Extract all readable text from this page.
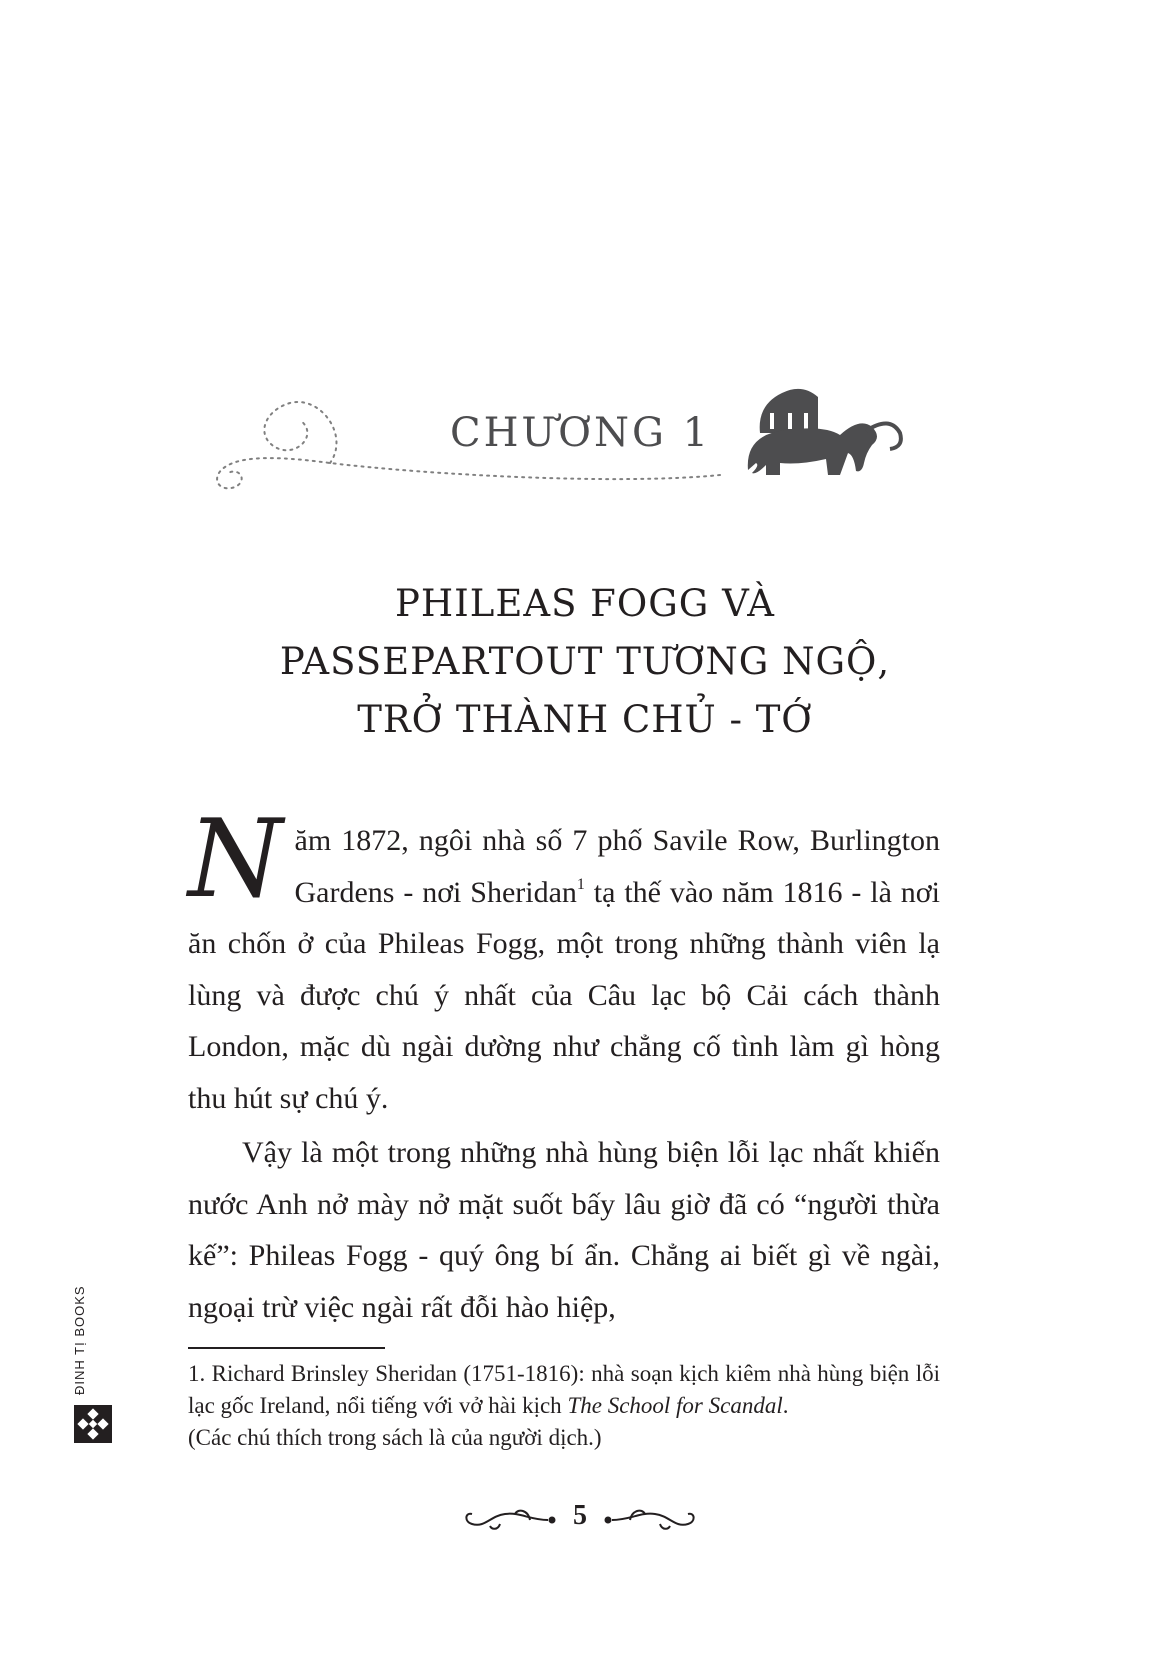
CHƯƠNG 1
PHILEAS FOGG VÀ
PASSEPARTOUT TƯƠNG NGỘ,
TRỞ THÀNH CHỦ - TỚ

Năm 1872, ngôi nhà số 7 phố Savile Row, Burlington Gardens - nơi Sheridan$^1$ tạ thế vào năm 1816 - là nơi ăn chốn ở của Phileas Fogg, một trong những thành viên lạ lùng và được chú ý nhất của Câu lạc bộ Cải cách thành London, mặc dù ngài dường như chẳng cố tình làm gì hòng thu hút sự chú ý.

Vậy là một trong những nhà hùng biện lỗi lạc nhất khiến nước Anh nở mày nở mặt suốt bấy lâu giờ đã có “người thừa kế”: Phileas Fogg - quý ông bí ẩn. Chẳng ai biết gì về ngài, ngoại trừ việc ngài rất đỗi hào hiệp,

1. Richard Brinsley Sheridan (1751-1816): nhà soạn kịch kiêm nhà hùng biện lỗi lạc gốc Ireland, nổi tiếng với vở hài kịch The School for Scandal.

(Các chú thích trong sách là của người dịch.)

5
ĐINH TỊ BOOKS
